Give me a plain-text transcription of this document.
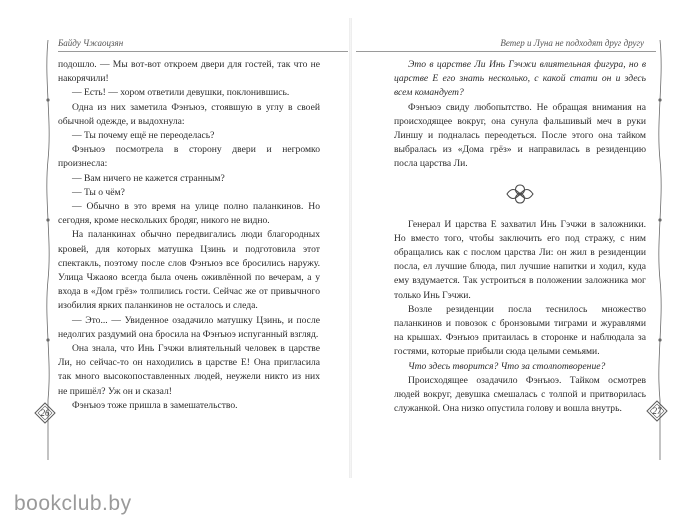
Байду Чжаоцзян
26

подошло. — Мы вот-вот откроем двери для гостей, так что не накорячили!

— Есть! — хором ответили девушки, поклонившись.

Одна из них заметила Фэнъюэ, стоявшую в углу в своей обычной одежде, и выдохнула:

— Ты почему ещё не переоделась?

Фэнъюэ посмотрела в сторону двери и негромко произнесла:

— Вам ничего не кажется странным?

— Ты о чём?

— Обычно в это время на улице полно паланкинов. Но сегодня, кроме нескольких бродяг, никого не видно.

На паланкинах обычно передвигались люди благородных кровей, для которых матушка Цзинь и подготовила этот спектакль, поэтому после слов Фэнъюэ все бросились наружу. Улица Чжаояо всегда была очень оживлённой по вечерам, а у входа в «Дом грёз» толпились гости. Сейчас же от привычного изобилия ярких паланкинов не осталось и следа.

— Это... — Увиденное озадачило матушку Цзинь, и после недолгих раздумий она бросила на Фэнъюэ испуганный взгляд.

Она знала, что Инь Гэчжи влиятельный человек в царстве Ли, но сейчас-то он находились в царстве Е! Она пригласила так много высокопоставленных людей, неужели никто из них не пришёл? Уж он и сказал!

Фэнъюэ тоже пришла в замешательство.

Ветер и Луна не подходят друг другу
27

Это в царстве Ли Инь Гэчжи влиятельная фигура, но в царстве Е его знать несколько, с какой стати он и здесь всем командует?

Фэнъюэ свиду любопытство. Не обращая внимания на происходящее вокруг, она сунула фальшивый меч в руки Линшу и подналась переодеться. После этого она тайком выбралась из «Дома грёз» и направилась в резиденцию посла царства Ли.

Генерал И царства Е захватил Инь Гэчжи в заложники. Но вместо того, чтобы заключить его под стражу, с ним обращались как с послом царства Ли: он жил в резиденции посла, ел лучшие блюда, пил лучшие напитки и ходил, куда ему вздумается. Так устроиться в положении заложника мог только Инь Гэчжи.

Возле резиденции посла теснилось множество паланкинов и повозок с бронзовыми тиграми и журавлями на крышах. Фэнъюэ притаилась в сторонке и наблюдала за гостями, которые прибыли сюда целыми семьями.

Что здесь творится? Что за столпотворение?

Происходящее озадачило Фэнъюэ. Тайком осмотрев людей вокруг, девушка смешалась с толпой и притворилась служанкой. Она низко опустила голову и вошла внутрь.

bookclub.by
